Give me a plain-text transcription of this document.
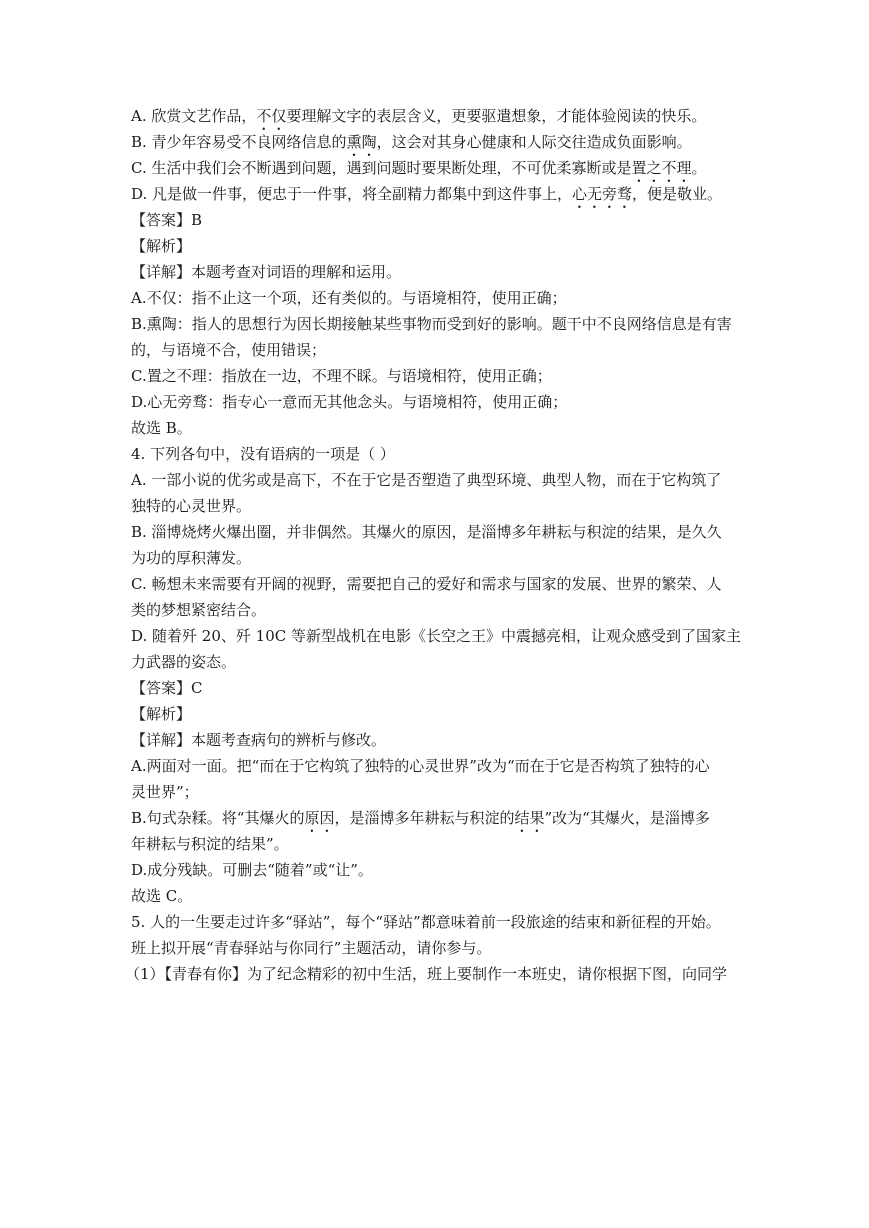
A. 欣赏文艺作品，不仅要理解文字的表层含义，更要驱遣想象，才能体验阅读的快乐。
B. 青少年容易受不良网络信息的熏陶，这会对其身心健康和人际交往造成负面影响。
C. 生活中我们会不断遇到问题，遇到问题时要果断处理，不可优柔寡断或是置之不理。
D. 凡是做一件事，便忠于一件事，将全副精力都集中到这件事上，心无旁骛，便是敬业。
【答案】B
【解析】
【详解】本题考查对词语的理解和运用。
A.不仅：指不止这一个项，还有类似的。与语境相符，使用正确；
B.熏陶：指人的思想行为因长期接触某些事物而受到好的影响。题干中不良网络信息是有害
的，与语境不合，使用错误；
C.置之不理：指放在一边，不理不睬。与语境相符，使用正确；
D.心无旁骛：指专心一意而无其他念头。与语境相符，使用正确；
故选 B。
4. 下列各句中，没有语病的一项是（ ）
A. 一部小说的优劣或是高下，不在于它是否塑造了典型环境、典型人物，而在于它构筑了
独特的心灵世界。
B. 淄博烧烤火爆出圈，并非偶然。其爆火的原因，是淄博多年耕耘与积淀的结果，是久久
为功的厚积薄发。
C. 畅想未来需要有开阔的视野，需要把自己的爱好和需求与国家的发展、世界的繁荣、人
类的梦想紧密结合。
D. 随着歼 20、歼 10C 等新型战机在电影《长空之王》中震撼亮相，让观众感受到了国家主
力武器的姿态。
【答案】C
【解析】
【详解】本题考查病句的辨析与修改。
A.两面对一面。把“而在于它构筑了独特的心灵世界”改为“而在于它是否构筑了独特的心
灵世界”；
B.句式杂糅。将“其爆火的原因，是淄博多年耕耘与积淀的结果”改为“其爆火，是淄博多
年耕耘与积淀的结果”。
D.成分残缺。可删去“随着”或“让”。
故选 C。
5. 人的一生要走过许多“驿站”，每个“驿站”都意味着前一段旅途的结束和新征程的开始。
班上拟开展“青春驿站与你同行”主题活动，请你参与。
（1）【青春有你】为了纪念精彩的初中生活，班上要制作一本班史，请你根据下图，向同学
